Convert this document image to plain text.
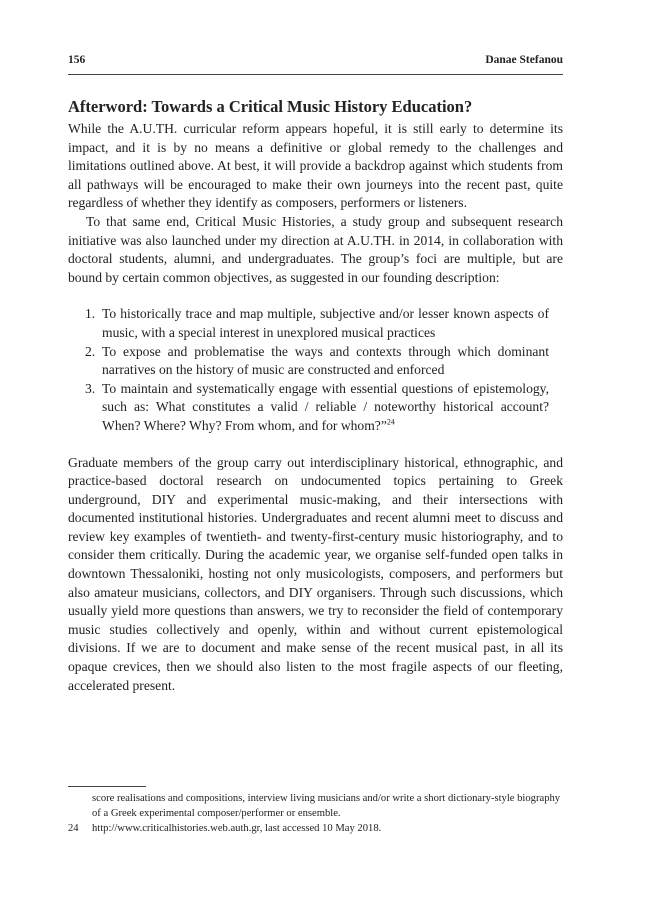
156	Danae Stefanou
Afterword: Towards a Critical Music History Education?

While the A.U.TH. curricular reform appears hopeful, it is still early to determine its impact, and it is by no means a definitive or global remedy to the challenges and limitations outlined above. At best, it will provide a backdrop against which students from all pathways will be encouraged to make their own journeys into the recent past, quite regardless of whether they identify as composers, performers or listeners.

To that same end, Critical Music Histories, a study group and subsequent research initiative was also launched under my direction at A.U.TH. in 2014, in collaboration with doctoral students, alumni, and undergraduates. The group’s foci are multiple, but are bound by certain common objectives, as suggested in our founding description:

1. To historically trace and map multiple, subjective and/or lesser known aspects of music, with a special interest in unexplored musical practices
2. To expose and problematise the ways and contexts through which dominant narratives on the history of music are constructed and enforced
3. To maintain and systematically engage with essential questions of epistemology, such as: What constitutes a valid / reliable / noteworthy historical account? When? Where? Why? From whom, and for whom?”$^{24}$

Graduate members of the group carry out interdisciplinary historical, ethnographic, and practice-based doctoral research on undocumented topics pertaining to Greek underground, DIY and experimental music-making, and their intersections with documented institutional histories. Undergraduates and recent alumni meet to discuss and review key examples of twentieth- and twenty-first-century music historiography, and to consider them critically. During the academic year, we organise self-funded open talks in downtown Thessaloniki, hosting not only musicologists, composers, and performers but also amateur musicians, collectors, and DIY organisers. Through such discussions, which usually yield more questions than answers, we try to reconsider the field of contemporary music studies collectively and openly, within and without current epistemological divisions. If we are to document and make sense of the recent musical past, in all its opaque crevices, then we should also listen to the most fragile aspects of our fleeting, accelerated present.

score realisations and compositions, interview living musicians and/or write a short dictionary-style biography of a Greek experimental composer/performer or ensemble.
24 http://www.criticalhistories.web.auth.gr, last accessed 10 May 2018.
